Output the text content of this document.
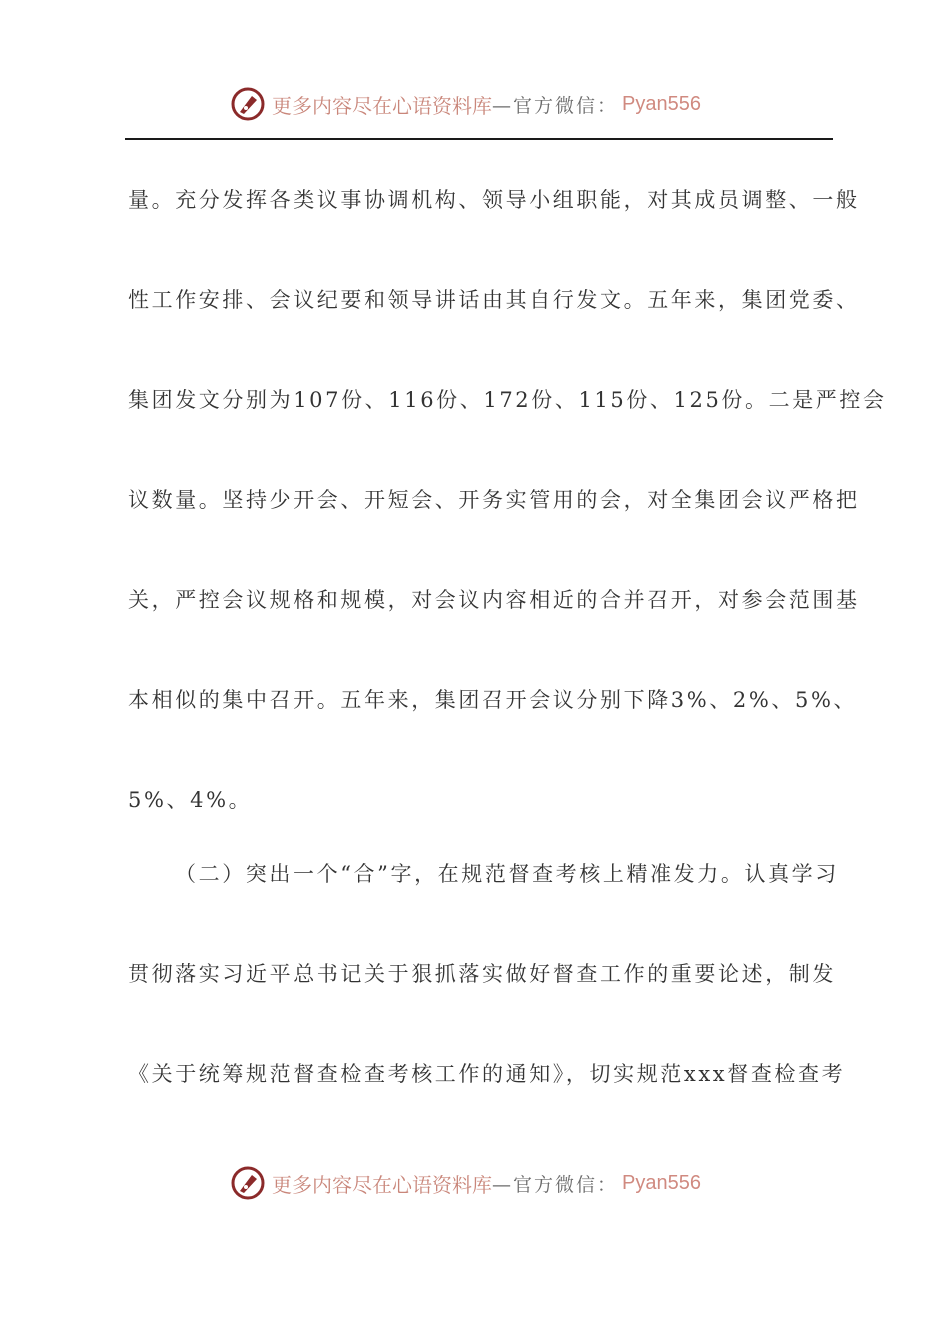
更多内容尽在心语资料库 —官方微信： Pyan556
量。充分发挥各类议事协调机构、领导小组职能，对其成员调整、一般
性工作安排、会议纪要和领导讲话由其自行发文。五年来，集团党委、
集团发文分别为107份、116份、172份、115份、125份。二是严控会
议数量。坚持少开会、开短会、开务实管用的会，对全集团会议严格把
关，严控会议规格和规模，对会议内容相近的合并召开，对参会范围基
本相似的集中召开。五年来，集团召开会议分别下降3%、2%、5%、
5%、4%。
（二）突出一个“合”字，在规范督查考核上精准发力。认真学习
贯彻落实习近平总书记关于狠抓落实做好督查工作的重要论述，制发
《关于统筹规范督查检查考核工作的通知》，切实规范xxx督查检查考
更多内容尽在心语资料库 —官方微信： Pyan556
